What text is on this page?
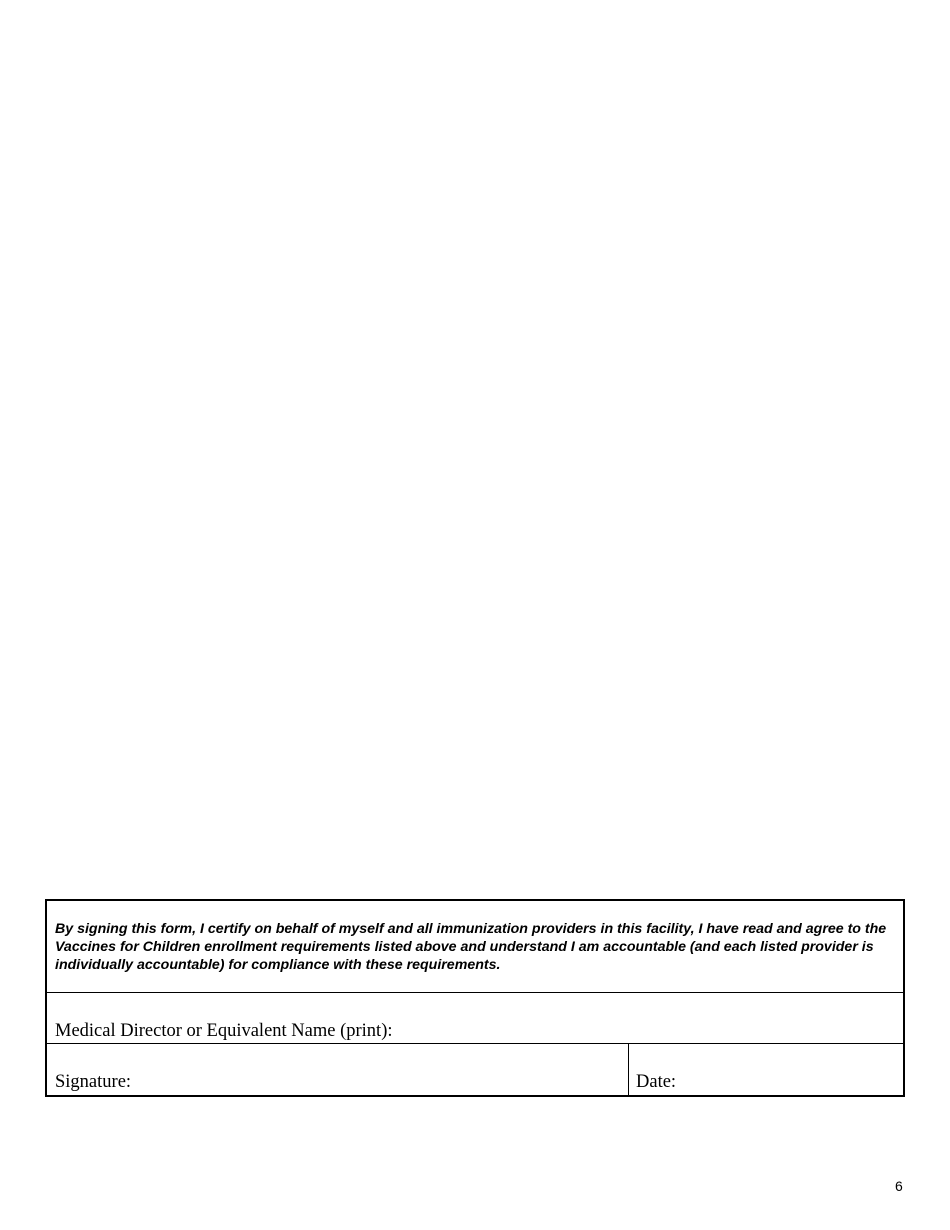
By signing this form, I certify on behalf of myself and all immunization providers in this facility, I have read and agree to the Vaccines for Children enrollment requirements listed above and understand I am accountable (and each listed provider is individually accountable) for compliance with these requirements.
Medical Director or Equivalent Name (print):
Signature:	Date:
6
